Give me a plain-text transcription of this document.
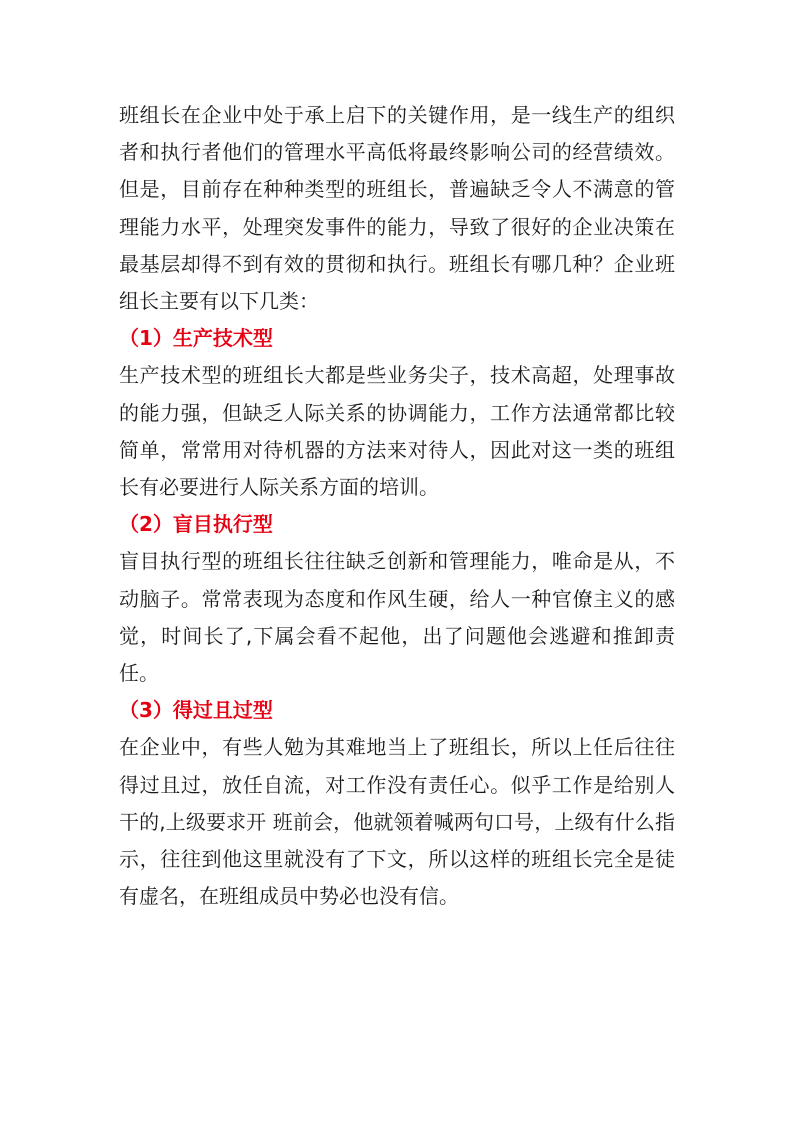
班组长在企业中处于承上启下的关键作用，是一线生产的组织者和执行者他们的管理水平高低将最终影响公司的经营绩效。但是，目前存在种种类型的班组长，普遍缺乏令人不满意的管理能力水平，处理突发事件的能力，导致了很好的企业决策在最基层却得不到有效的贯彻和执行。班组长有哪几种？企业班组长主要有以下几类：

（1）生产技术型

生产技术型的班组长大都是些业务尖子，技术高超，处理事故的能力强，但缺乏人际关系的协调能力，工作方法通常都比较简单，常常用对待机器的方法来对待人，因此对这一类的班组长有必要进行人际关系方面的培训。

（2）盲目执行型

盲目执行型的班组长往往缺乏创新和管理能力，唯命是从，不动脑子。常常表现为态度和作风生硬，给人一种官僚主义的感觉，时间长了,下属会看不起他，出了问题他会逃避和推卸责任。

（3）得过且过型

在企业中，有些人勉为其难地当上了班组长，所以上任后往往得过且过，放任自流，对工作没有责任心。似乎工作是给别人干的,上级要求开 班前会，他就领着喊两句口号，上级有什么指示，往往到他这里就没有了下文，所以这样的班组长完全是徒有虚名，在班组成员中势必也没有信。
